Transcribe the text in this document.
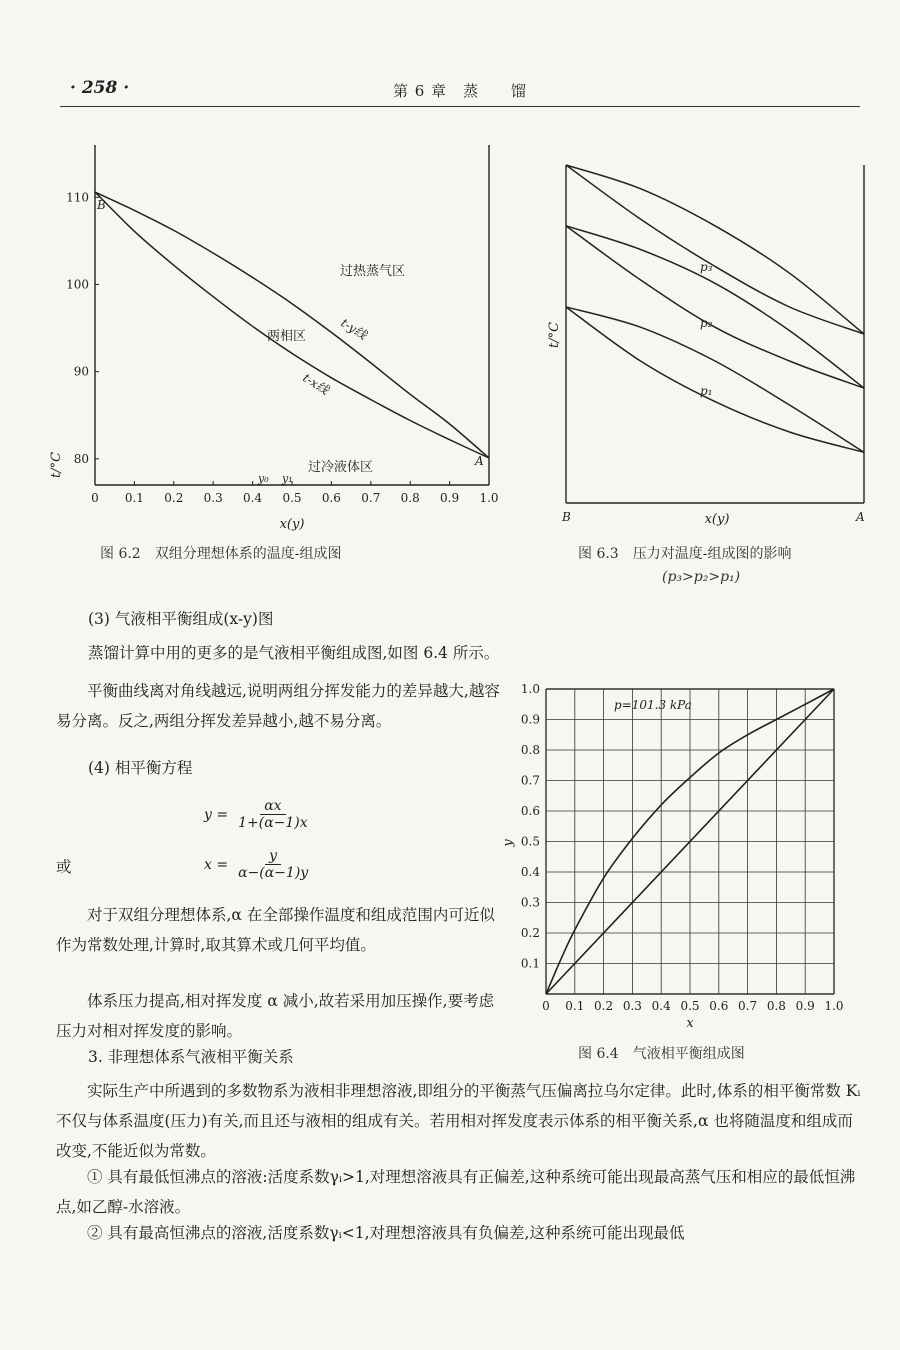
· 258 ·	第 6 章　蒸　　馏
0 0.1 0.2 0.3 0.4 0.5 0.6 0.7 0.8 0.9 1.0
80
90
100
110
t/°C
x(y)
B
A
过热蒸气区
两相区
过冷液体区
t-y线
t-x线
y₀ y₁
图 6.2　双组分理想体系的温度-组成图
t/°C
x(y)
B	A
p₃
p₂
p₁
图 6.3　压力对温度-组成图的影响
(p₃>p₂>p₁)
0 0.1
0.1
0.2
0.2
0.3
0.3
0.4
0.4
0.5
0.5
0.6
0.6
0.7
0.7
0.8
0.8
0.9
0.9
1.0
1.0
p=101.3 kPa
y
x
图 6.4　气液相平衡组成图
(3) 气液相平衡组成(x-y)图
蒸馏计算中用的更多的是气液相平衡组成图,如图 6.4 所示。
平衡曲线离对角线越远,说明两组分挥发能力的差异越大,越容易分离。反之,两组分挥发差异越小,越不易分离。
(4) 相平衡方程
$y = \frac{\alpha x}{1+(\alpha-1)x}$
或	$x = \frac{y}{\alpha-(\alpha-1)y}$
对于双组分理想体系,α 在全部操作温度和组成范围内可近似作为常数处理,计算时,取其算术或几何平均值。
体系压力提高,相对挥发度 α 减小,故若采用加压操作,要考虑压力对相对挥发度的影响。
3. 非理想体系气液相平衡关系
实际生产中所遇到的多数物系为液相非理想溶液,即组分的平衡蒸气压偏离拉乌尔定律。此时,体系的相平衡常数 Kᵢ 不仅与体系温度(压力)有关,而且还与液相的组成有关。若用相对挥发度表示体系的相平衡关系,α 也将随温度和组成而改变,不能近似为常数。
① 具有最低恒沸点的溶液:活度系数γᵢ>1,对理想溶液具有正偏差,这种系统可能出现最高蒸气压和相应的最低恒沸点,如乙醇-水溶液。
② 具有最高恒沸点的溶液,活度系数γᵢ<1,对理想溶液具有负偏差,这种系统可能出现最低
